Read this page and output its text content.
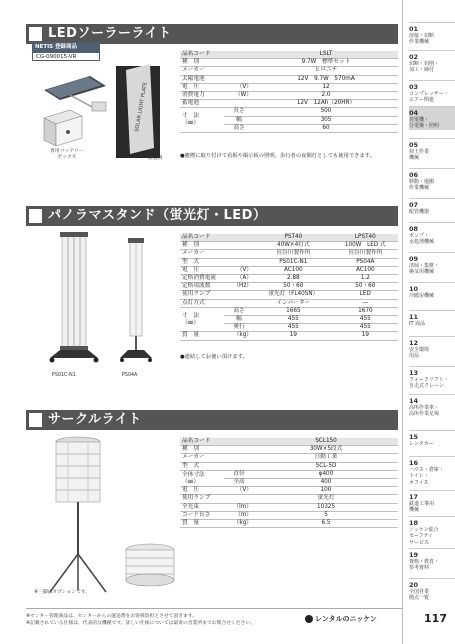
LEDソーラーライト
NETIS 登録商品
CG-090015-VR
SOLAR LIGHT PLATE
専用バッテリー
ボックス	設置例
品名コード		LSLT
種　別		9.7W　標準セット
メーカー		ヒロニチ
太陽電池		12V　9.7W　570mA
電　圧	（V）	12
消費電力	（W）	2.0
蓄電池		12V　12Ah（20HR）
寸　法
（㎜）	長さ	500
	幅	305
	高さ	60
●慶標に取り付けて看板や掲示板の照明、歩行者の夜間灯としても使用できます。
パノラマスタンド（蛍光灯・LED）
PS01C-N1	PS04A
品名コード		PST40	LPST40
種　別		40W×4灯式	100W　LED 式
メーカー		長谷川製作所	長谷川製作所
型　式		PS01C-N1	PS04A
電　圧	（V）	AC100	AC100
定格消費電流	（A）	2.88	1.2
定格周波数	（Hz）	50・60	50・60
使用ランプ		蛍光灯（FL40SN）	LED
点灯方式		インバーター	―
寸　法
（㎜）	高さ	1665	1670
	幅	455	455
	奥行	455	455
質　量	（kg）	19	19
●連結してお使い頂けます。
サークルライト
※三脚はオプションです。
品名コード		SCL150
種　別		30W×5段式
メーカー		日動工業
型　式		SCL-5D
全体寸法
（㎜）	直径	φ400
	全高	400
電　圧	（V）	100
使用ランプ		蛍光灯
全光束	（lm）	10325
コード長さ	（m）	5
質　量	（kg）	6.5
※センター管理商品は、センターからの運送費をお客様負担とさせて頂きます。
※記載されている仕様は、代表的な機種です。詳しい仕様については最寄の営業所までお問合せください。
レンタルのニッケン
01
溶接・切断
作業機械
02
切断・切削・
加工・締付
03
コンプレッサー・
エアー関連
04
発電機・
分電盤・照明
05
荷上作業
機械
06
移動・運搬
作業機械
07
配管機器
08
ポンプ・
水処理機械
09
清掃・集塵・
換気用機械
10
冷暖房機械
11
IT 商品
12
安全環境
用品
13
フォークリフト・
自走式クレーン
14
高所作業車・
高所作業足場
15
レンタカー
16
ハウス・倉庫・
トイレ・
オフィス
17
鉄道工事用
機械
18
ニッケン総合
セーフティ
サービス
19
資格・教育・
参考資料
20
全国営業
拠点一覧
117
